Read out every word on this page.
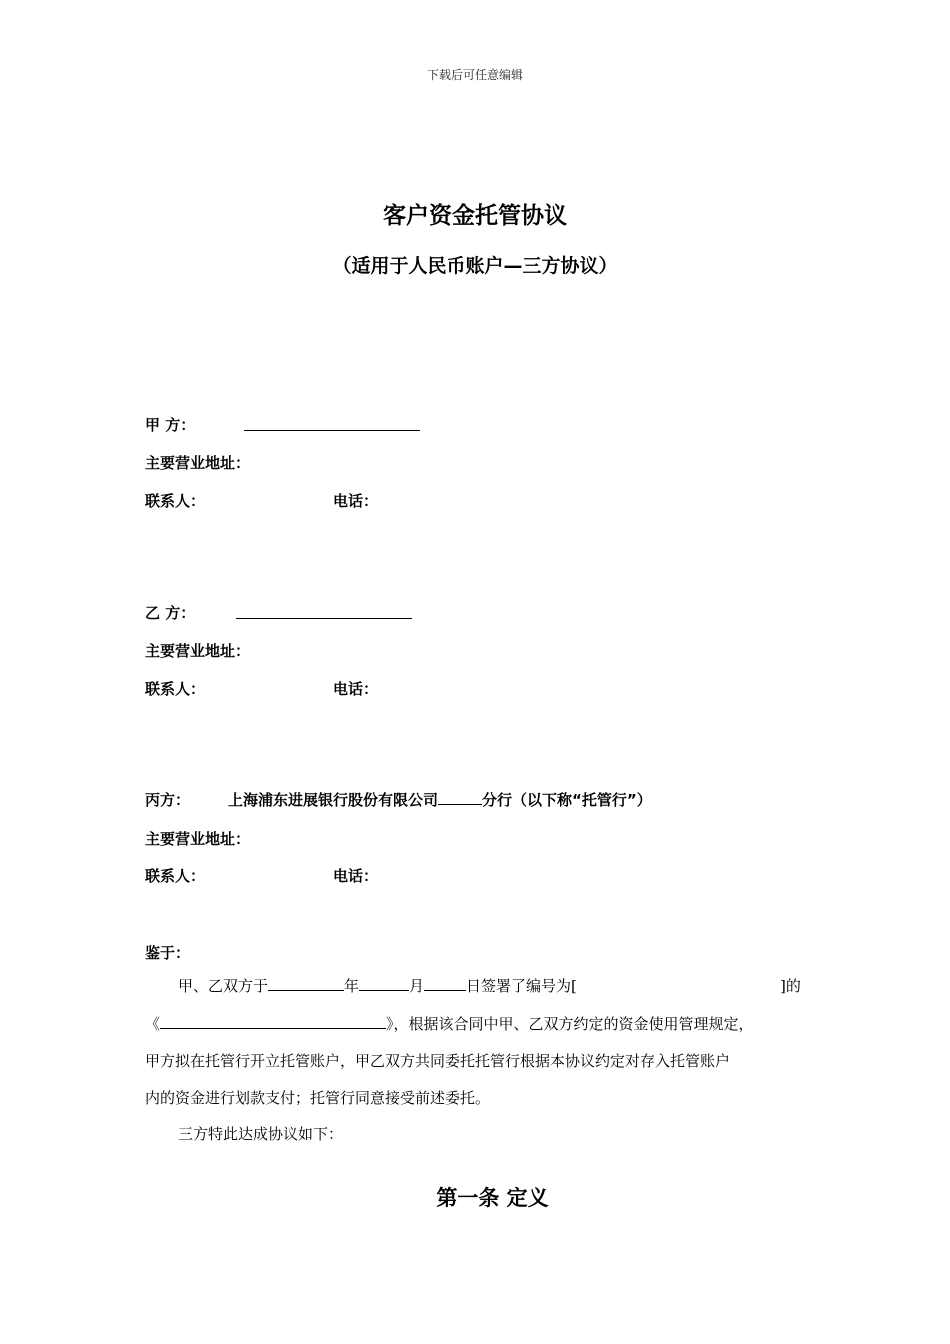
下载后可任意编辑
客户资金托管协议
（适用于人民币账户—三方协议）
甲 方：
主要营业地址：
联系人：	电话：
乙 方：
主要营业地址：
联系人：	电话：
丙方：	上海浦东进展银行股份有限公司	分行（以下称“托管行”）
主要营业地址：
联系人：	电话：
鉴于：
甲、乙双方于	年	月	日签署了编号为[	]的
《	》，根据该合同中甲、乙双方约定的资金使用管理规定，
甲方拟在托管行开立托管账户，甲乙双方共同委托托管行根据本协议约定对存入托管账户
内的资金进行划款支付；托管行同意接受前述委托。
三方特此达成协议如下：
第一条 定义
